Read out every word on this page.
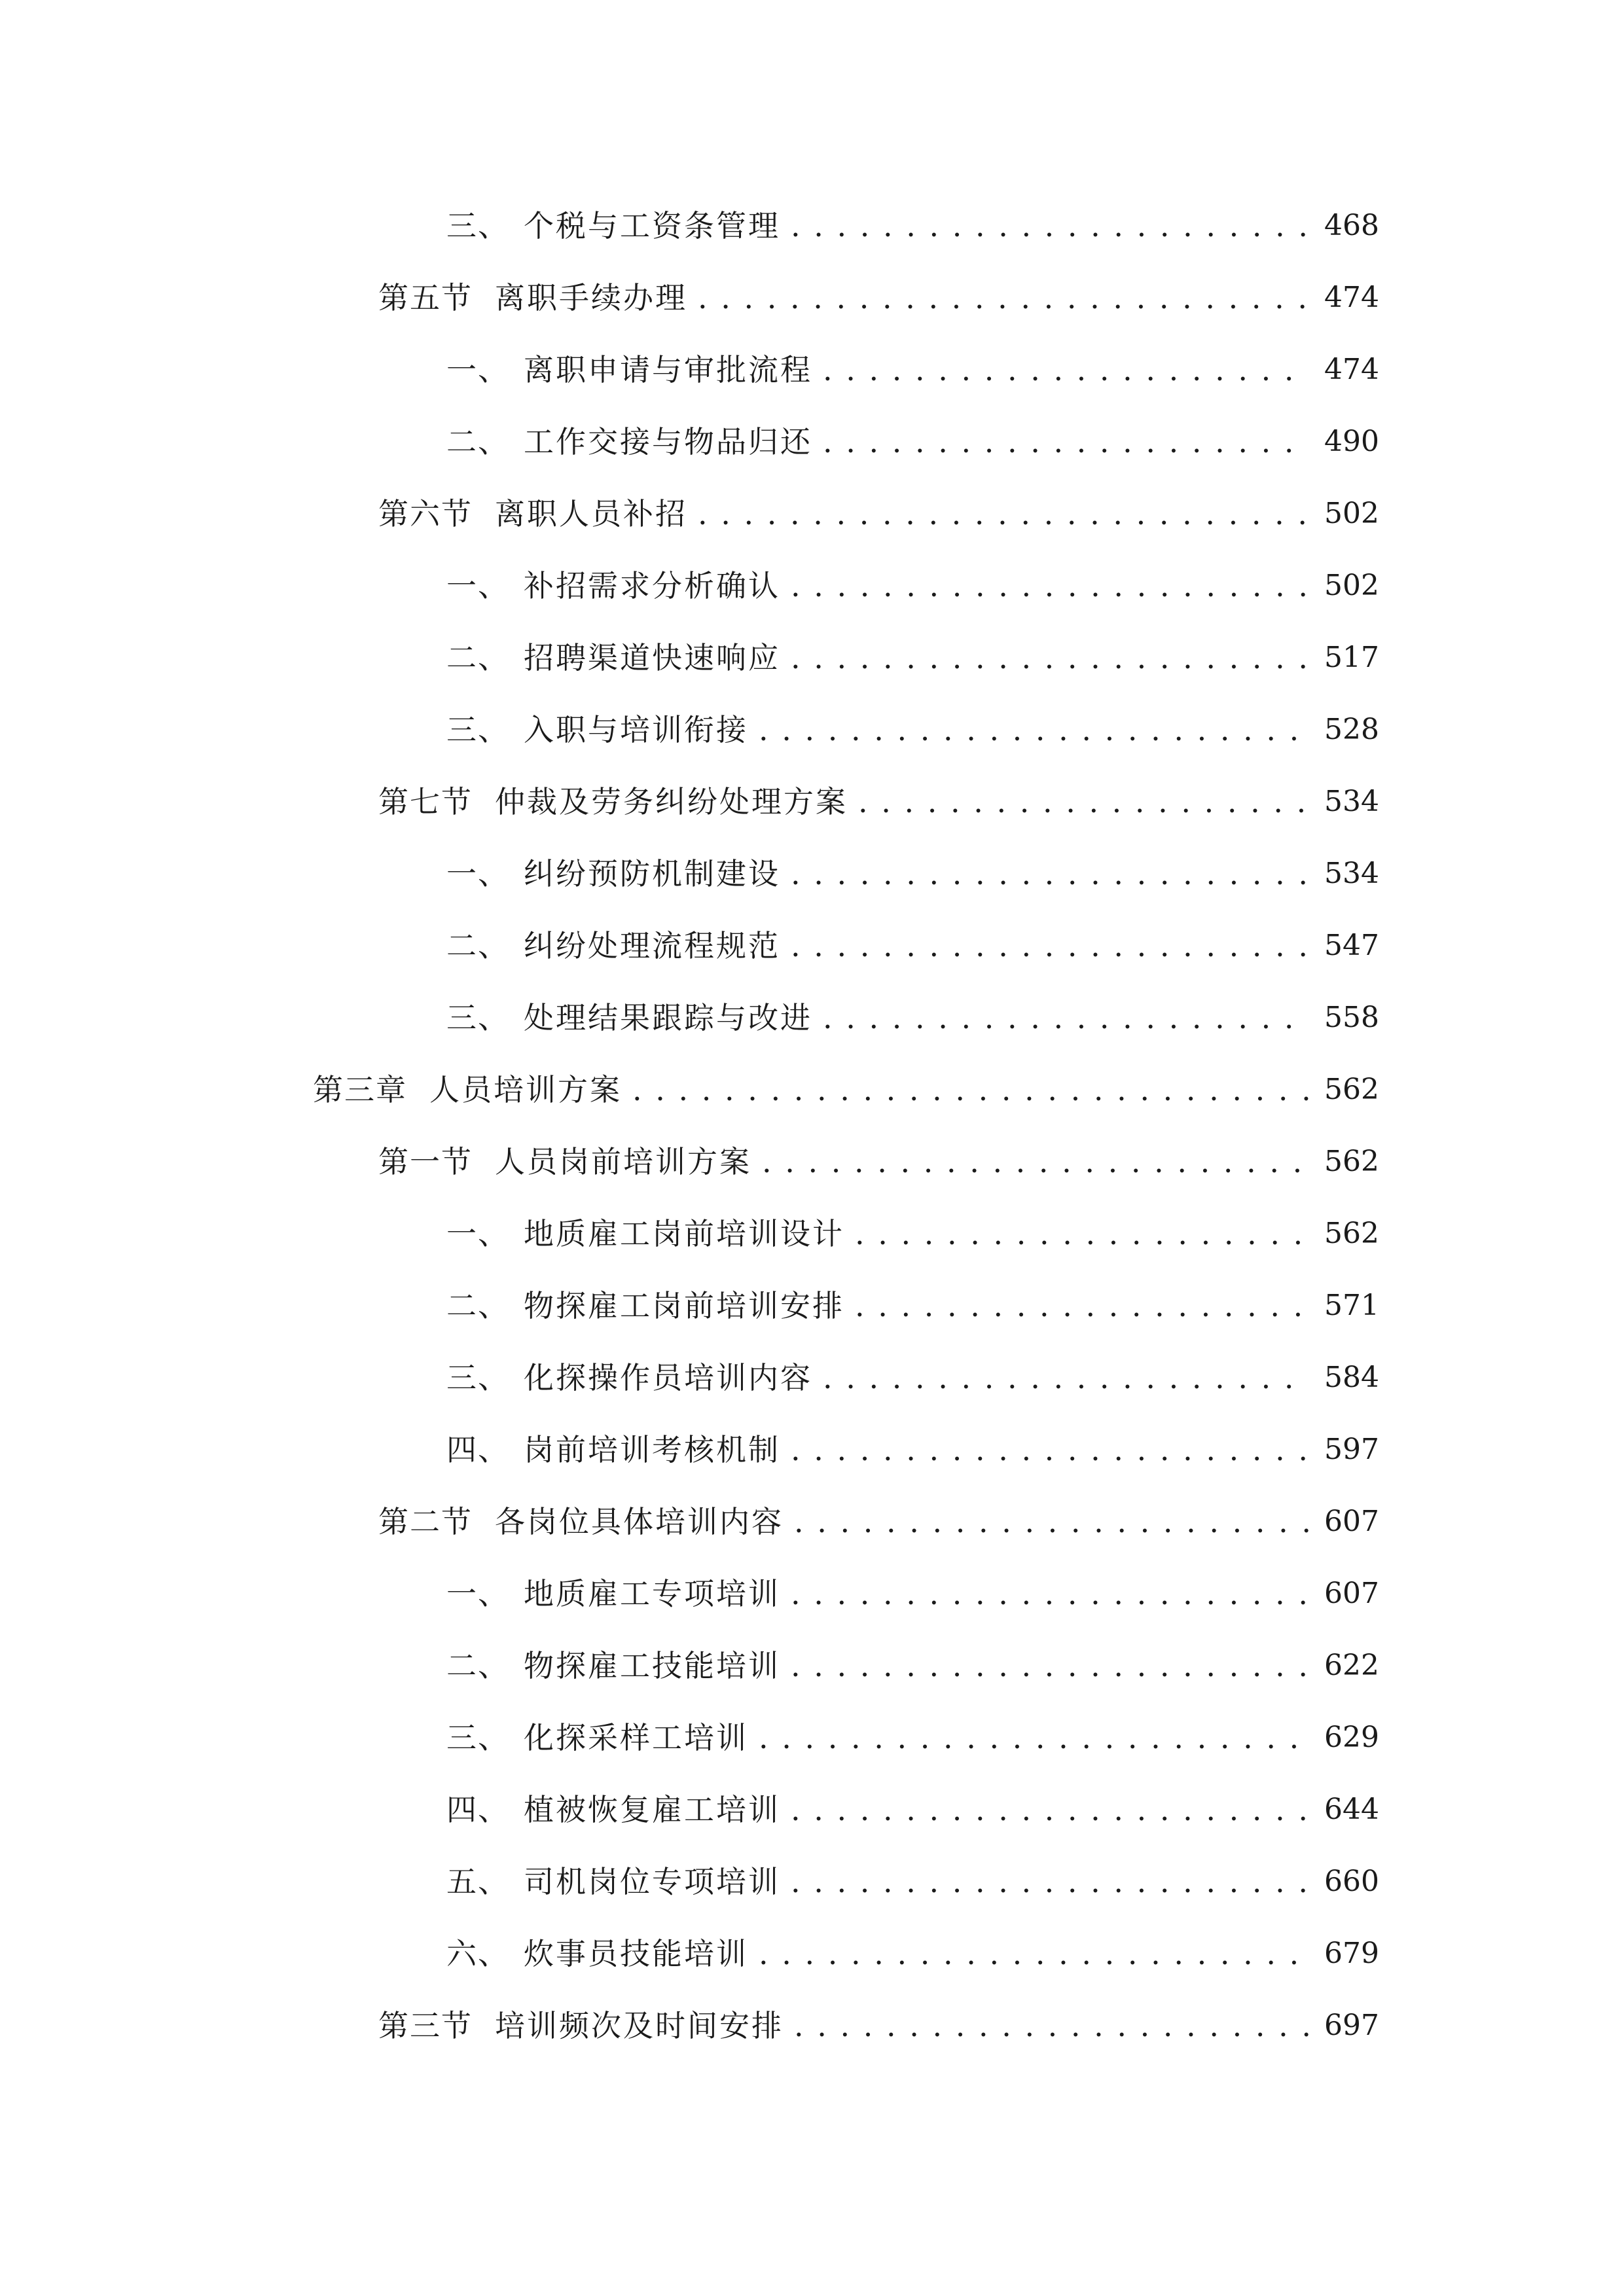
三、 个税与工资条管理 . . .	468
第五节 离职手续办理 . . .	474
一、 离职申请与审批流程 . . .	474
二、 工作交接与物品归还 . . .	490
第六节 离职人员补招 . . .	502
一、 补招需求分析确认 . . .	502
二、 招聘渠道快速响应 . . .	517
三、 入职与培训衔接 . . .	528
第七节 仲裁及劳务纠纷处理方案 . . .	534
一、 纠纷预防机制建设 . . .	534
二、 纠纷处理流程规范 . . .	547
三、 处理结果跟踪与改进 . . .	558
第三章 人员培训方案 . . .	562
第一节 人员岗前培训方案 . . .	562
一、 地质雇工岗前培训设计 . . .	562
二、 物探雇工岗前培训安排 . . .	571
三、 化探操作员培训内容 . . .	584
四、 岗前培训考核机制 . . .	597
第二节 各岗位具体培训内容 . . .	607
一、 地质雇工专项培训 . . .	607
二、 物探雇工技能培训 . . .	622
三、 化探采样工培训 . . .	629
四、 植被恢复雇工培训 . . .	644
五、 司机岗位专项培训 . . .	660
六、 炊事员技能培训 . . .	679
第三节 培训频次及时间安排 . . .	697
